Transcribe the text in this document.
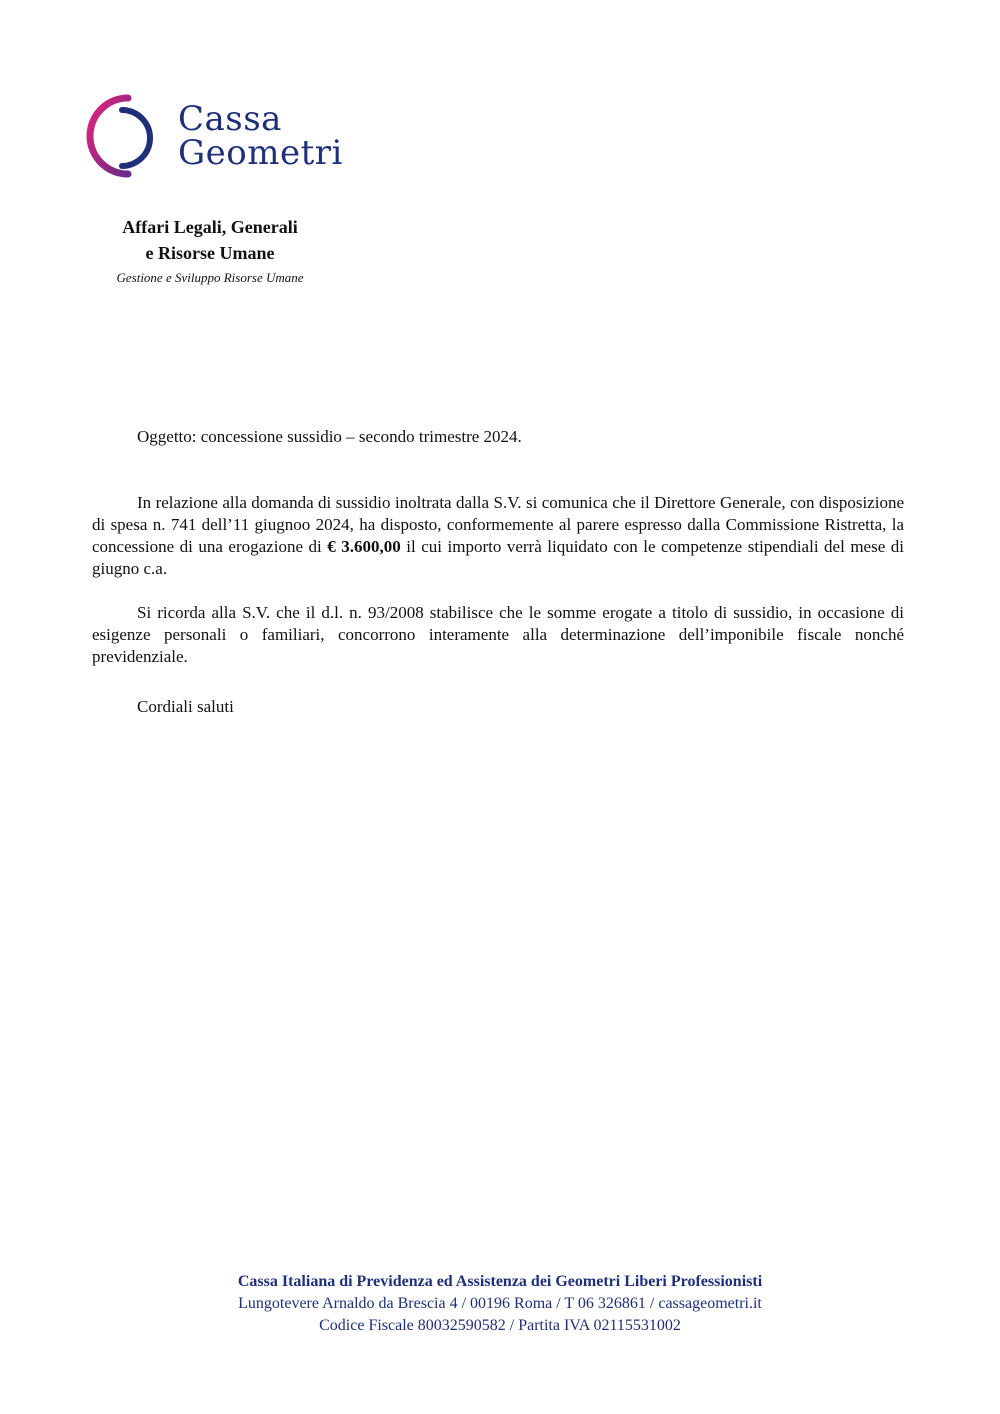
Cassa
Geometri
Affari Legali, Generali
e Risorse Umane
Gestione e Sviluppo Risorse Umane
Oggetto: concessione sussidio – secondo trimestre 2024.

In relazione alla domanda di sussidio inoltrata dalla S.V. si comunica che il Direttore Generale, con disposizione di spesa n. 741 dell’11 giugnoo 2024, ha disposto, conformemente al parere espresso dalla Commissione Ristretta, la concessione di una erogazione di € 3.600,00 il cui importo verrà liquidato con le competenze stipendiali del mese di giugno c.a.

Si ricorda alla S.V. che il d.l. n. 93/2008 stabilisce che le somme erogate a titolo di sussidio, in occasione di esigenze personali o familiari, concorrono interamente alla determinazione dell’imponibile fiscale nonché previdenziale.

Cordiali saluti
Cassa Italiana di Previdenza ed Assistenza dei Geometri Liberi Professionisti
Lungotevere Arnaldo da Brescia 4 / 00196 Roma / T 06 326861 / cassageometri.it
Codice Fiscale 80032590582 / Partita IVA 02115531002
